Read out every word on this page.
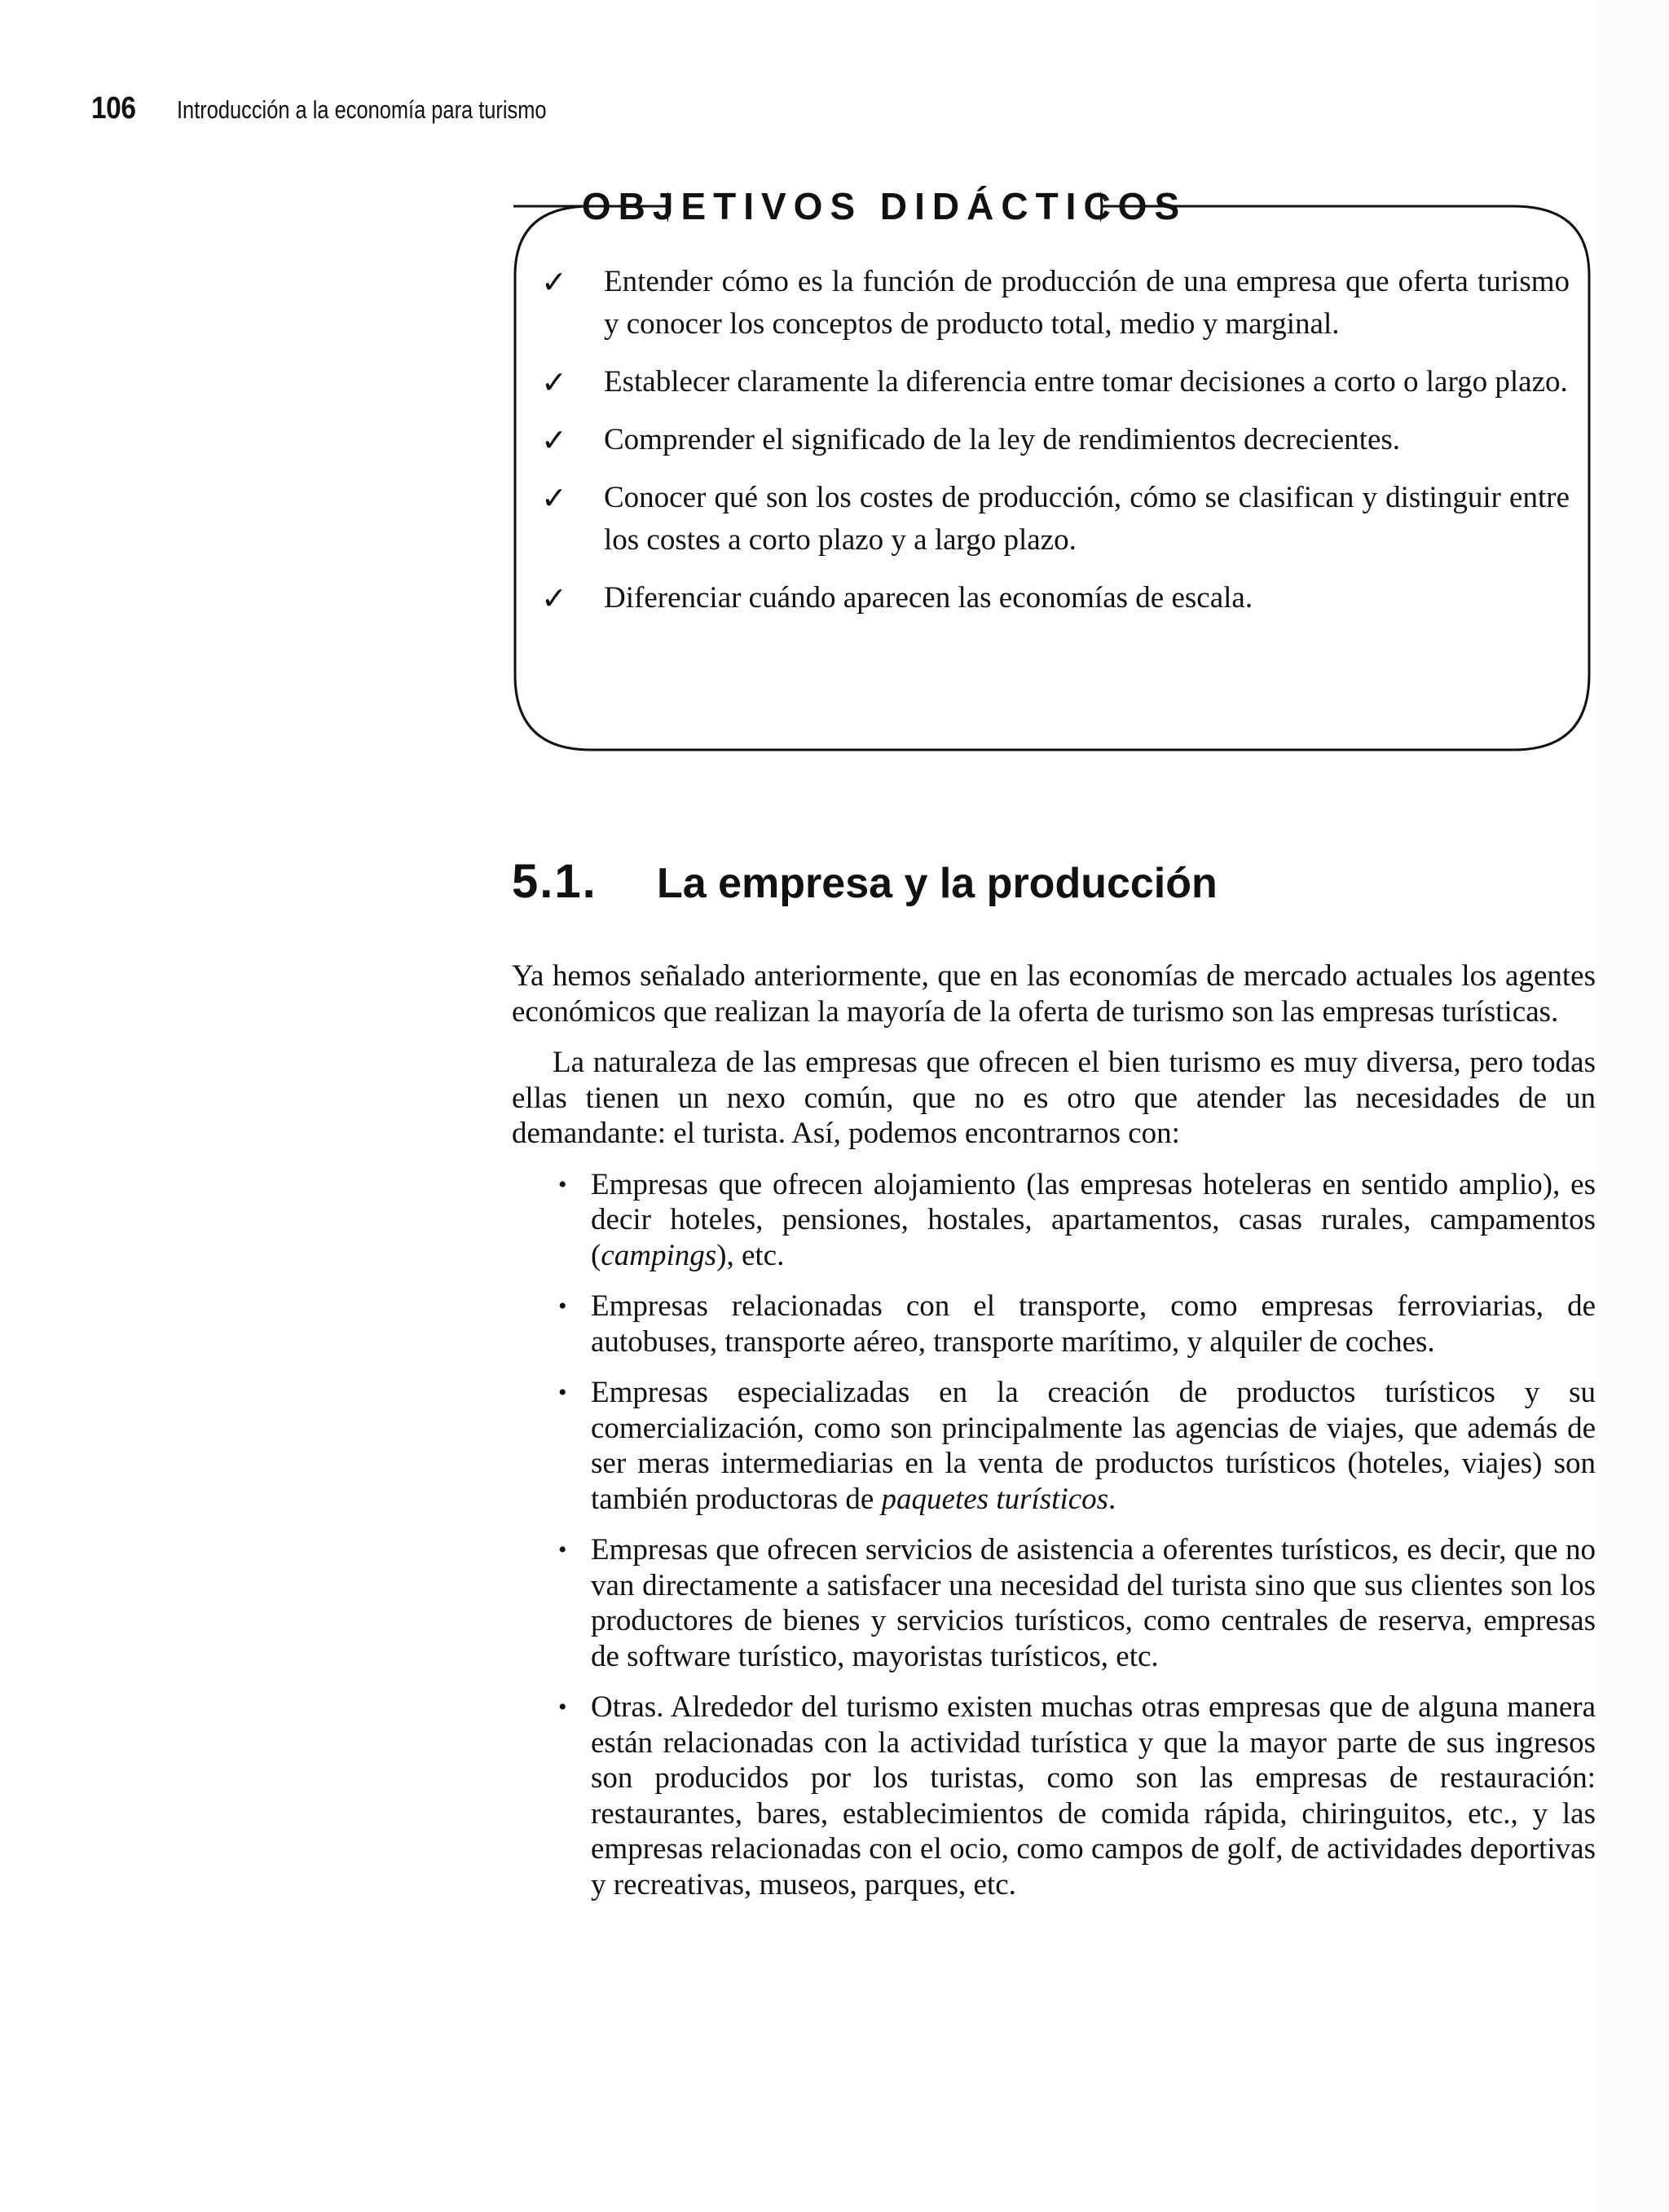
106	Introducción a la economía para turismo
OBJETIVOS DIDÁCTICOS
✓	Entender cómo es la función de producción de una empresa que oferta turismo y conocer los conceptos de producto total, medio y marginal.
✓	Establecer claramente la diferencia entre tomar decisiones a corto o largo plazo.
✓	Comprender el significado de la ley de rendimientos decrecientes.
✓	Conocer qué son los costes de producción, cómo se clasifican y distinguir entre los costes a corto plazo y a largo plazo.
✓	Diferenciar cuándo aparecen las economías de escala.
5.1.	La empresa y la producción

Ya hemos señalado anteriormente, que en las economías de mercado actuales los agentes económicos que realizan la mayoría de la oferta de turismo son las empresas turísticas.

La naturaleza de las empresas que ofrecen el bien turismo es muy diversa, pero todas ellas tienen un nexo común, que no es otro que atender las necesidades de un demandante: el turista. Así, podemos encontrarnos con:

• Empresas que ofrecen alojamiento (las empresas hoteleras en sentido amplio), es decir hoteles, pensiones, hostales, apartamentos, casas rurales, campamentos (campings), etc.
• Empresas relacionadas con el transporte, como empresas ferroviarias, de autobuses, transporte aéreo, transporte marítimo, y alquiler de coches.
• Empresas especializadas en la creación de productos turísticos y su comercialización, como son principalmente las agencias de viajes, que además de ser meras intermediarias en la venta de productos turísticos (hoteles, viajes) son también productoras de paquetes turísticos.
• Empresas que ofrecen servicios de asistencia a oferentes turísticos, es decir, que no van directamente a satisfacer una necesidad del turista sino que sus clientes son los productores de bienes y servicios turísticos, como centrales de reserva, empresas de software turístico, mayoristas turísticos, etc.
• Otras. Alrededor del turismo existen muchas otras empresas que de alguna manera están relacionadas con la actividad turística y que la mayor parte de sus ingresos son producidos por los turistas, como son las empresas de restauración: restaurantes, bares, establecimientos de comida rápida, chiringuitos, etc., y las empresas relacionadas con el ocio, como campos de golf, de actividades deportivas y recreativas, museos, parques, etc.
